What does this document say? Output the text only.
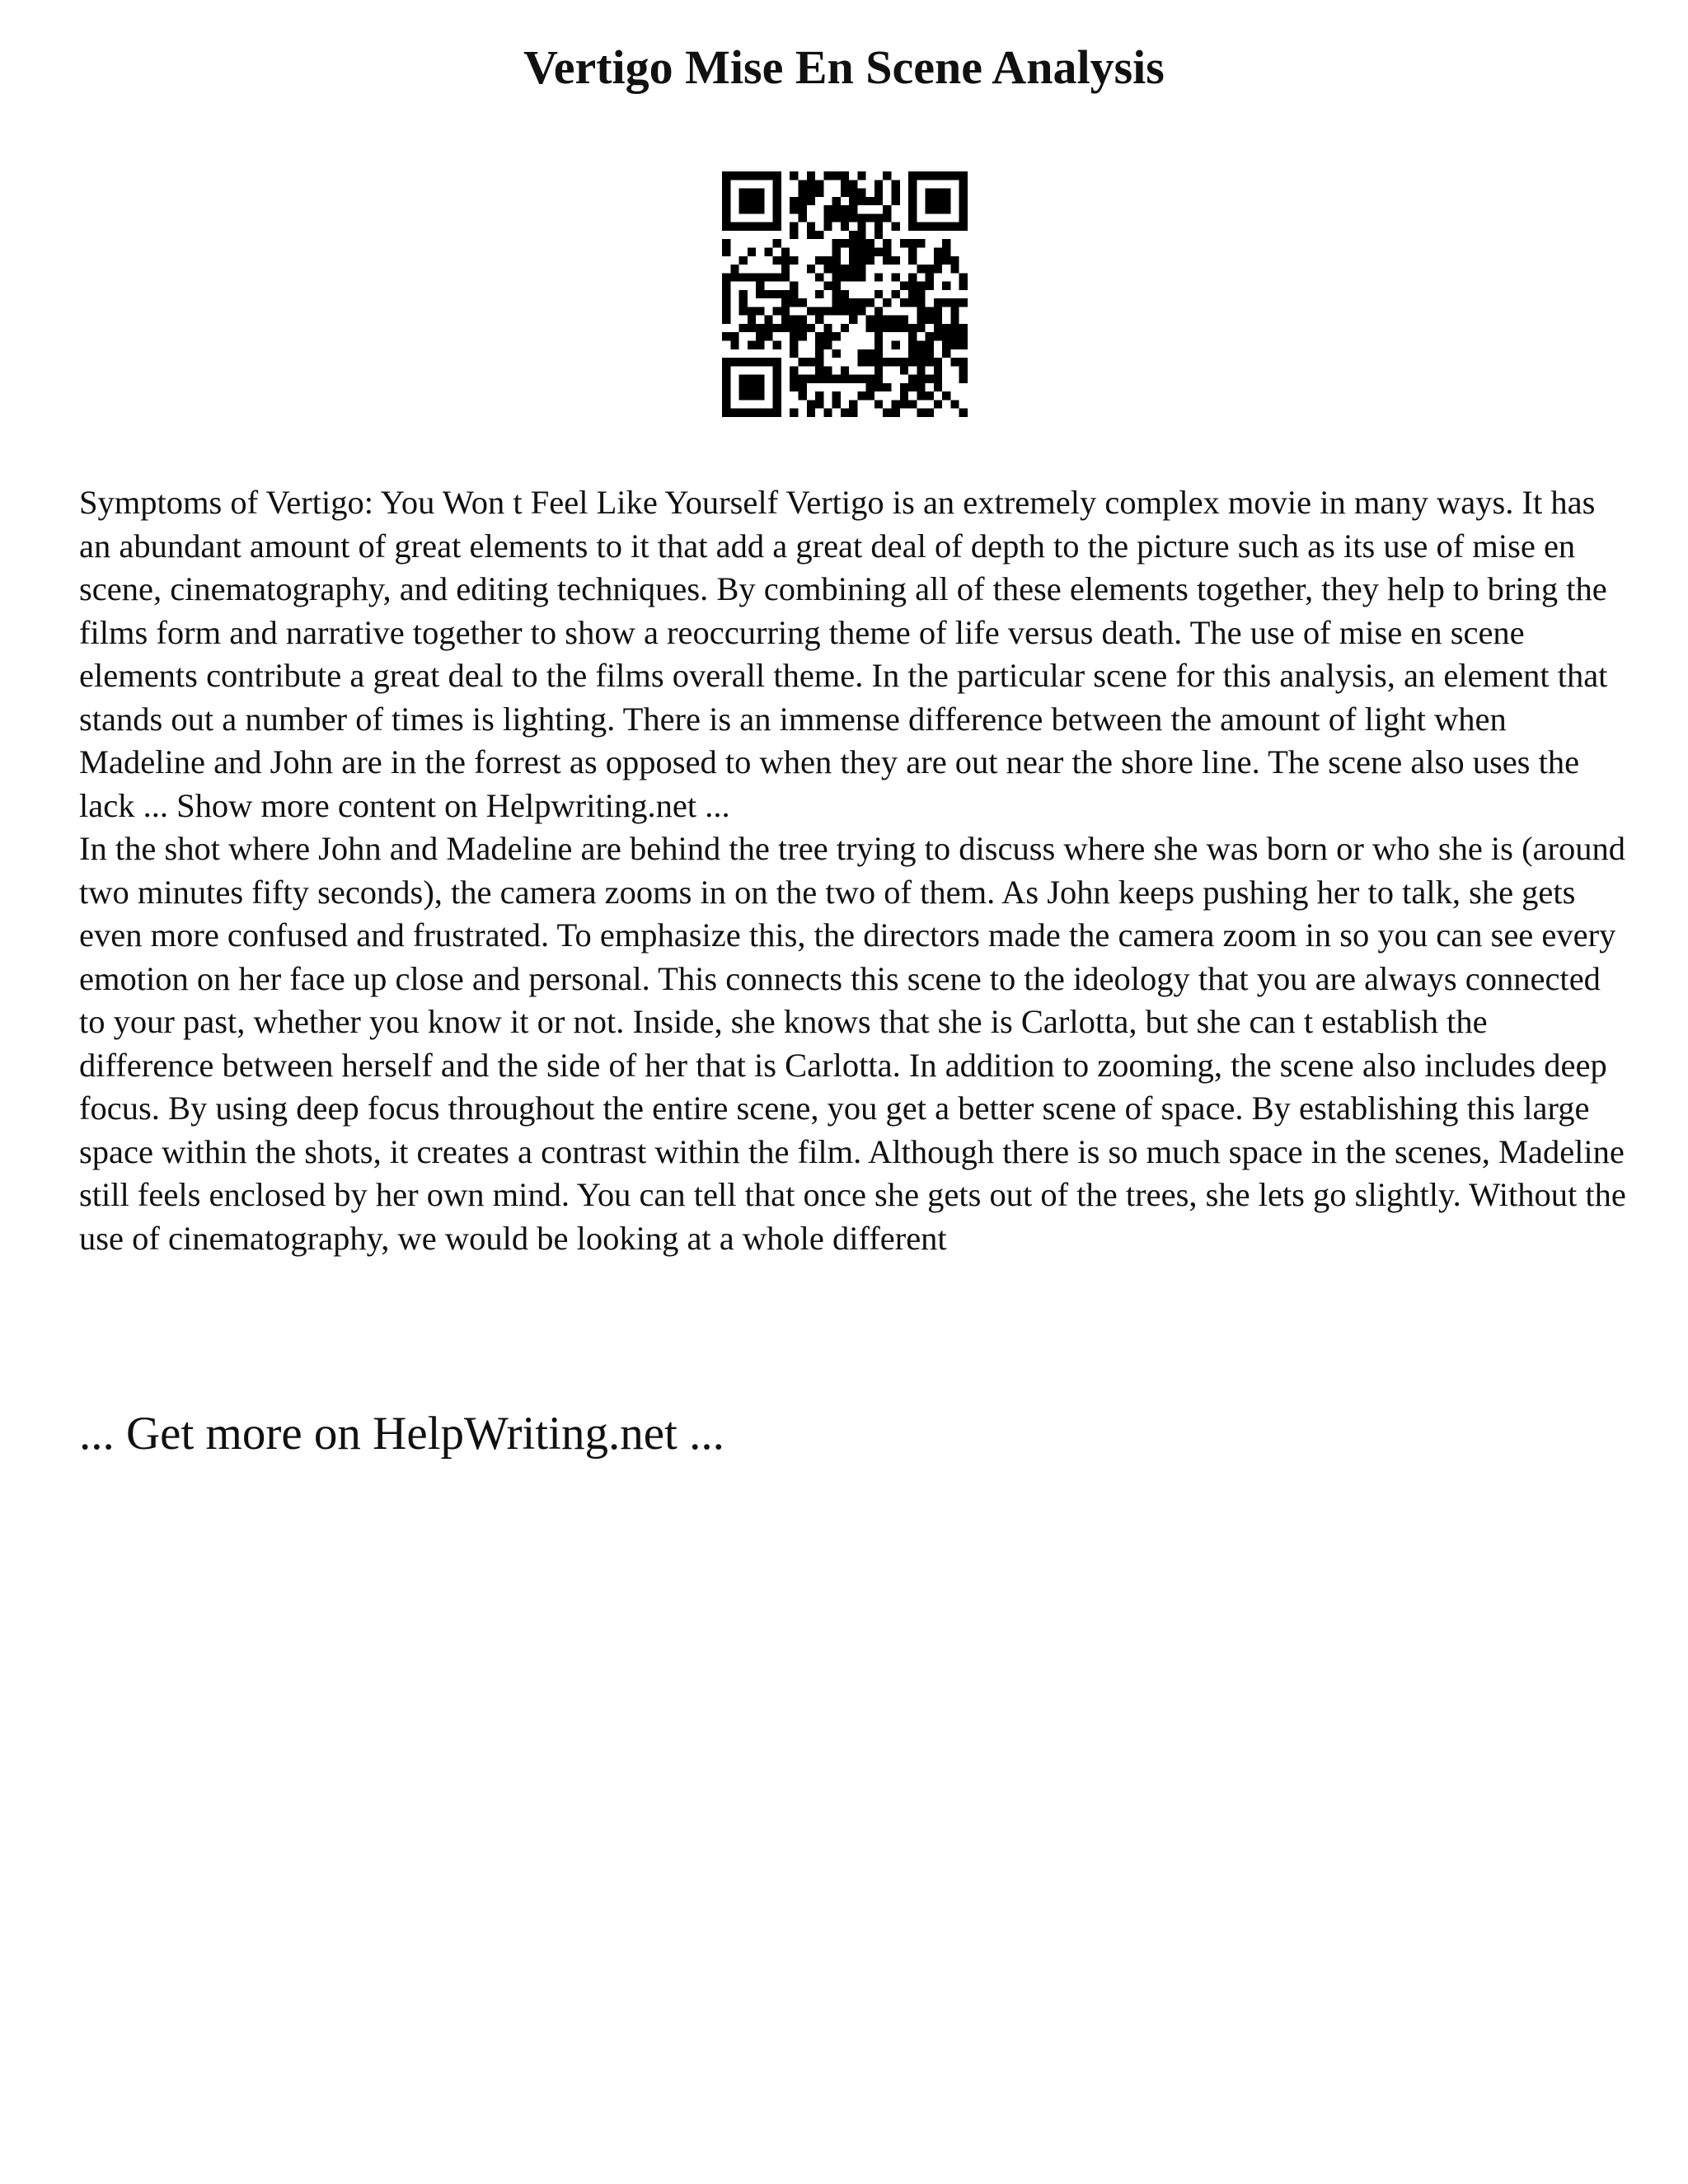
Vertigo Mise En Scene Analysis

Symptoms of Vertigo: You Won t Feel Like Yourself Vertigo is an extremely complex movie in many ways. It has an abundant amount of great elements to it that add a great deal of depth to the picture such as its use of mise en scene, cinematography, and editing techniques. By combining all of these elements together, they help to bring the films form and narrative together to show a reoccurring theme of life versus death. The use of mise en scene elements contribute a great deal to the films overall theme. In the particular scene for this analysis, an element that stands out a number of times is lighting. There is an immense difference between the amount of light when Madeline and John are in the forrest as opposed to when they are out near the shore line. The scene also uses the lack ... Show more content on Helpwriting.net ...

In the shot where John and Madeline are behind the tree trying to discuss where she was born or who she is (around two minutes fifty seconds), the camera zooms in on the two of them. As John keeps pushing her to talk, she gets even more confused and frustrated. To emphasize this, the directors made the camera zoom in so you can see every emotion on her face up close and personal. This connects this scene to the ideology that you are always connected to your past, whether you know it or not. Inside, she knows that she is Carlotta, but she can t establish the difference between herself and the side of her that is Carlotta. In addition to zooming, the scene also includes deep focus. By using deep focus throughout the entire scene, you get a better scene of space. By establishing this large space within the shots, it creates a contrast within the film. Although there is so much space in the scenes, Madeline still feels enclosed by her own mind. You can tell that once she gets out of the trees, she lets go slightly. Without the use of cinematography, we would be looking at a whole different

... Get more on HelpWriting.net ...
